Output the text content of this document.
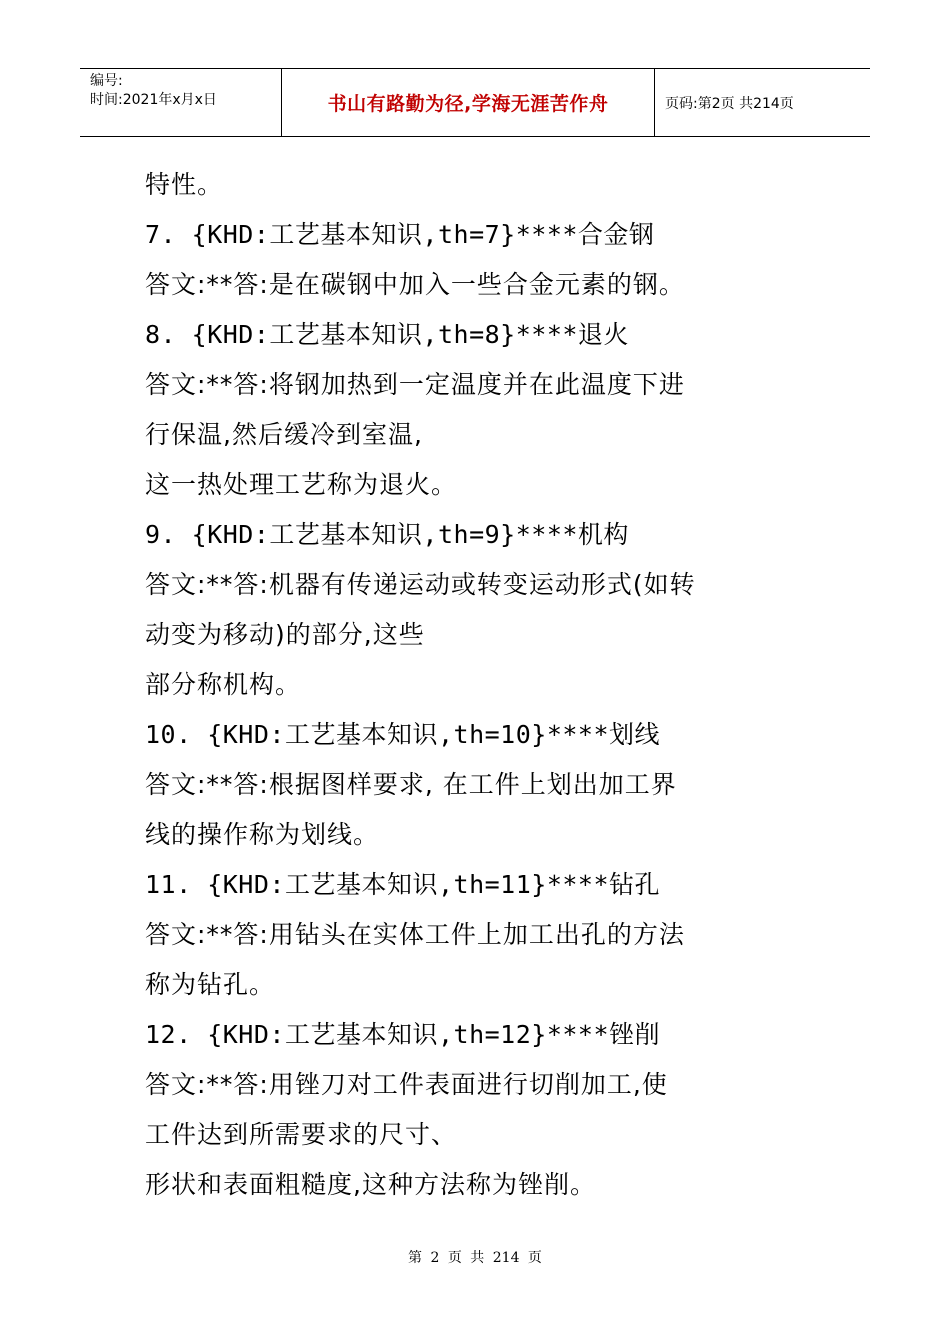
编号:
时间:2021年x月x日	书山有路勤为径,学海无涯苦作舟	页码:第2页 共214页
特性。
7. {KHD:工艺基本知识,th=7}****合金钢
答文:**答:是在碳钢中加入一些合金元素的钢。
8. {KHD:工艺基本知识,th=8}****退火
答文:**答:将钢加热到一定温度并在此温度下进
行保温,然后缓冷到室温,
这一热处理工艺称为退火。
9. {KHD:工艺基本知识,th=9}****机构
答文:**答:机器有传递运动或转变运动形式(如转
动变为移动)的部分,这些
部分称机构。
10. {KHD:工艺基本知识,th=10}****划线
答文:**答:根据图样要求, 在工件上划出加工界
线的操作称为划线。
11. {KHD:工艺基本知识,th=11}****钻孔
答文:**答:用钻头在实体工件上加工出孔的方法
称为钻孔。
12. {KHD:工艺基本知识,th=12}****锉削
答文:**答:用锉刀对工件表面进行切削加工,使
工件达到所需要求的尺寸、
形状和表面粗糙度,这种方法称为锉削。
第 2 页 共 214 页
